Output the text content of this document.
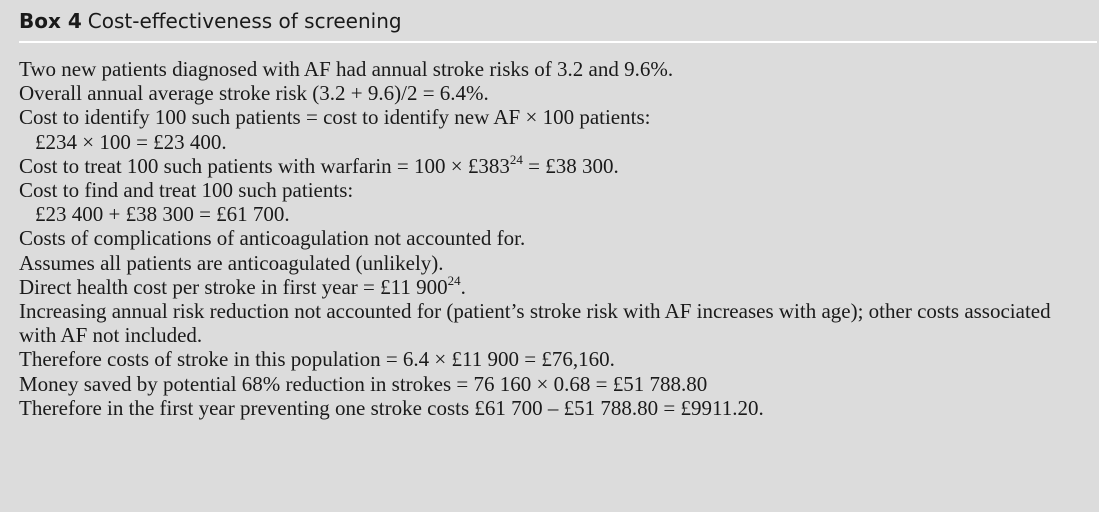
Box 4 Cost-effectiveness of screening
Two new patients diagnosed with AF had annual stroke risks of 3.2 and 9.6%.
Overall annual average stroke risk (3.2 + 9.6)/2 = 6.4%.
Cost to identify 100 such patients = cost to identify new AF × 100 patients:
£234 × 100 = £23 400.
Cost to treat 100 such patients with warfarin = $100 \times £383^{24}$ = £38 300.
Cost to find and treat 100 such patients:
£23 400 + £38 300 = £61 700.
Costs of complications of anticoagulation not accounted for.
Assumes all patients are anticoagulated (unlikely).
Direct health cost per stroke in first year = £11 $900^{24}$.
Increasing annual risk reduction not accounted for (patient’s stroke risk with AF increases with age); other costs associated with AF not included.
Therefore costs of stroke in this population = 6.4 × £11 900 = £76,160.
Money saved by potential 68% reduction in strokes = 76 160 × 0.68 = £51 788.80
Therefore in the first year preventing one stroke costs £61 700 – £51 788.80 = £9911.20.
